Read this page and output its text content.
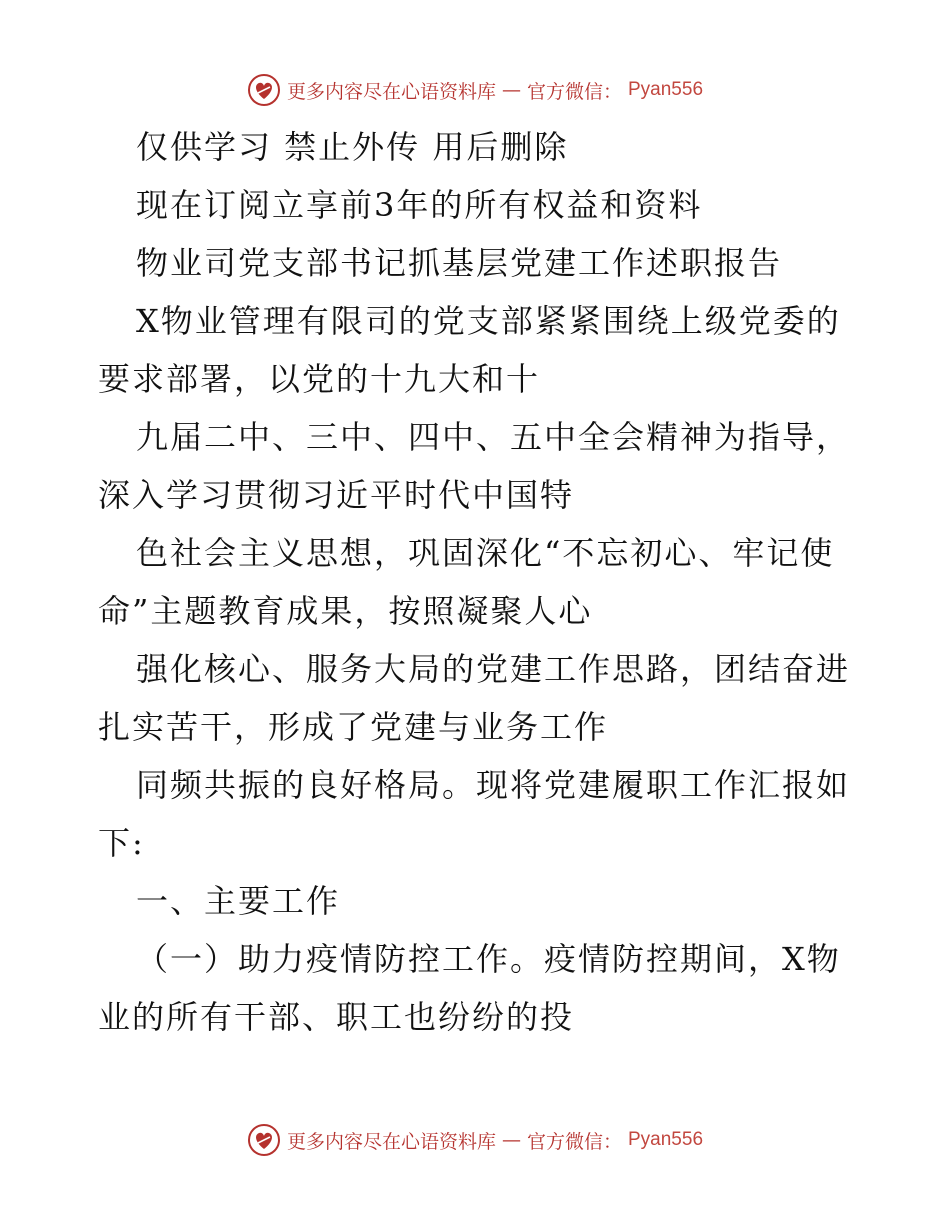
更多内容尽在心语资料库 — 官方微信： Pyan556
仅供学习 禁止外传 用后删除
现在订阅立享前3年的所有权益和资料
物业司党支部书记抓基层党建工作述职报告
X物业管理有限司的党支部紧紧围绕上级党委的
要求部署，以党的十九大和十
九届二中、三中、四中、五中全会精神为指导，
深入学习贯彻习近平时代中国特
色社会主义思想，巩固深化“不忘初心、牢记使
命”主题教育成果，按照凝聚人心
强化核心、服务大局的党建工作思路，团结奋进
扎实苦干，形成了党建与业务工作
同频共振的良好格局。现将党建履职工作汇报如
下:
一、主要工作
（一）助力疫情防控工作。疫情防控期间，X物
业的所有干部、职工也纷纷的投
更多内容尽在心语资料库 — 官方微信： Pyan556
